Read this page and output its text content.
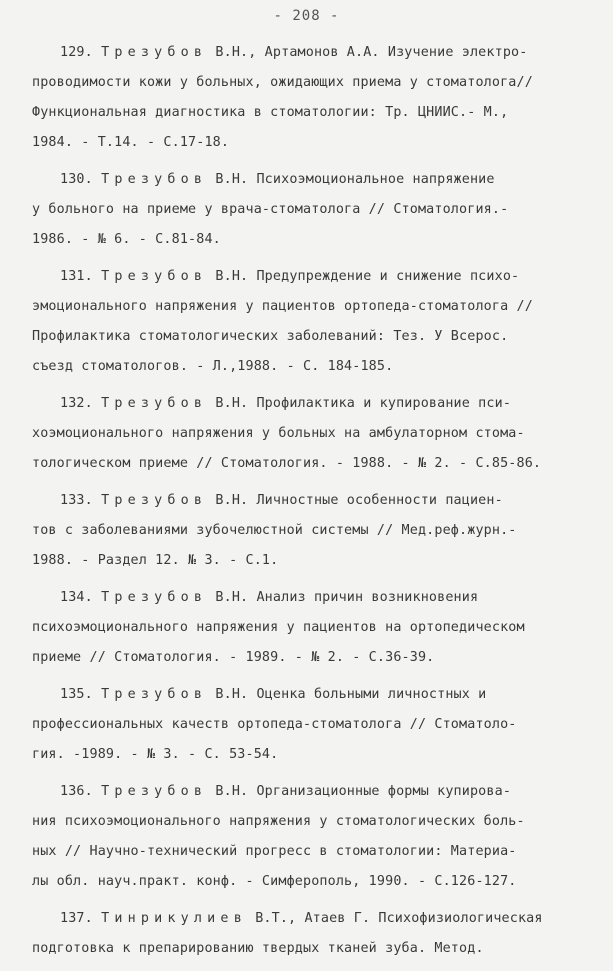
- 208 -
129. Трезубов В.Н., Артамонов А.А. Изучение электро-
проводимости кожи у больных, ожидающих приема у стоматолога//
Функциональная диагностика в стоматологии: Тр. ЦНИИС.- М.,
1984. - Т.14. - С.17-18.
130. Трезубов В.Н. Психоэмоциональное напряжение
у больного на приеме у врача-стоматолога // Стоматология.-
1986. - № 6. - С.81-84.
131. Трезубов В.Н. Предупреждение и снижение психо-
эмоционального напряжения у пациентов ортопеда-стоматолога //
Профилактика стоматологических заболеваний: Тез. У Всерос.
съезд стоматологов. - Л.,1988. - С. 184-185.
132. Трезубов В.Н. Профилактика и купирование пси-
хоэмоционального напряжения у больных на амбулаторном стома-
тологическом приеме // Стоматология. - 1988. - № 2. - С.85-86.
133. Трезубов В.Н. Личностные особенности пациен-
тов с заболеваниями зубочелюстной системы // Мед.реф.журн.-
1988. - Раздел 12. № 3. - С.1.
134. Трезубов В.Н. Анализ причин возникновения
психоэмоционального напряжения у пациентов на ортопедическом
приеме // Стоматология. - 1989. - № 2. - С.36-39.
135. Трезубов В.Н. Оценка больными личностных и
профессиональных качеств ортопеда-стоматолога // Стоматоло-
гия. -1989. - № 3. - С. 53-54.
136. Трезубов В.Н. Организационные формы купирова-
ния психоэмоционального напряжения у стоматологических боль-
ных // Научно-технический прогресс в стоматологии: Материа-
лы обл. науч.практ. конф. - Симферополь, 1990. - С.126-127.
137. Тинрикулиев В.Т., Атаев Г. Психофизиологическая
подготовка к препарированию твердых тканей зуба. Метод.
